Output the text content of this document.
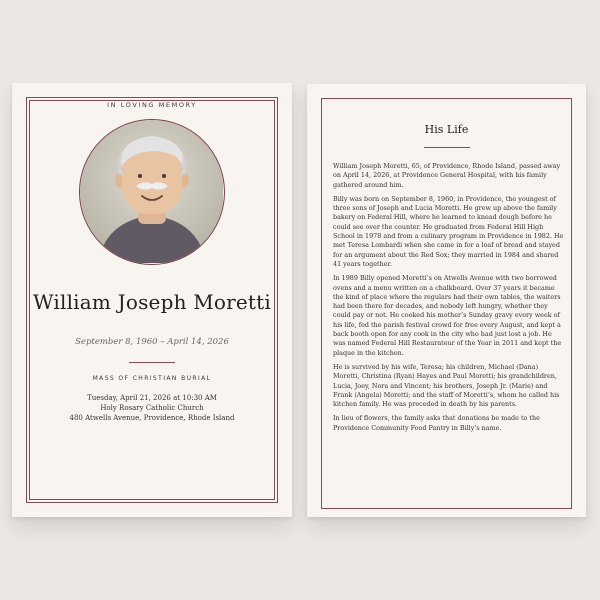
IN LOVING MEMORY
William Joseph Moretti
September 8, 1960 – April 14, 2026
MASS OF CHRISTIAN BURIAL
Tuesday, April 21, 2026 at 10:30 AM
Holy Rosary Catholic Church
480 Atwells Avenue, Providence, Rhode Island
His Life

William Joseph Moretti, 65, of Providence, Rhode Island, passed away on April 14, 2026, at Providence General Hospital, with his family gathered around him.

Billy was born on September 8, 1960, in Providence, the youngest of three sons of Joseph and Lucia Moretti. He grew up above the family bakery on Federal Hill, where he learned to knead dough before he could see over the counter. He graduated from Federal Hill High School in 1978 and from a culinary program in Providence in 1982. He met Teresa Lombardi when she came in for a loaf of bread and stayed for an argument about the Red Sox; they married in 1984 and shared 41 years together.

In 1989 Billy opened Moretti’s on Atwells Avenue with two borrowed ovens and a menu written on a chalkboard. Over 37 years it became the kind of place where the regulars had their own tables, the waiters had been there for decades, and nobody left hungry, whether they could pay or not. He cooked his mother’s Sunday gravy every week of his life, fed the parish festival crowd for free every August, and kept a back booth open for any cook in the city who had just lost a job. He was named Federal Hill Restaurateur of the Year in 2011 and kept the plaque in the kitchen.

He is survived by his wife, Teresa; his children, Michael (Dana) Moretti, Christina (Ryan) Hayes and Paul Moretti; his grandchildren, Lucia, Joey, Nora and Vincent; his brothers, Joseph Jr. (Marie) and Frank (Angela) Moretti; and the staff of Moretti’s, whom he called his kitchen family. He was preceded in death by his parents.

In lieu of flowers, the family asks that donations be made to the Providence Community Food Pantry in Billy’s name.
